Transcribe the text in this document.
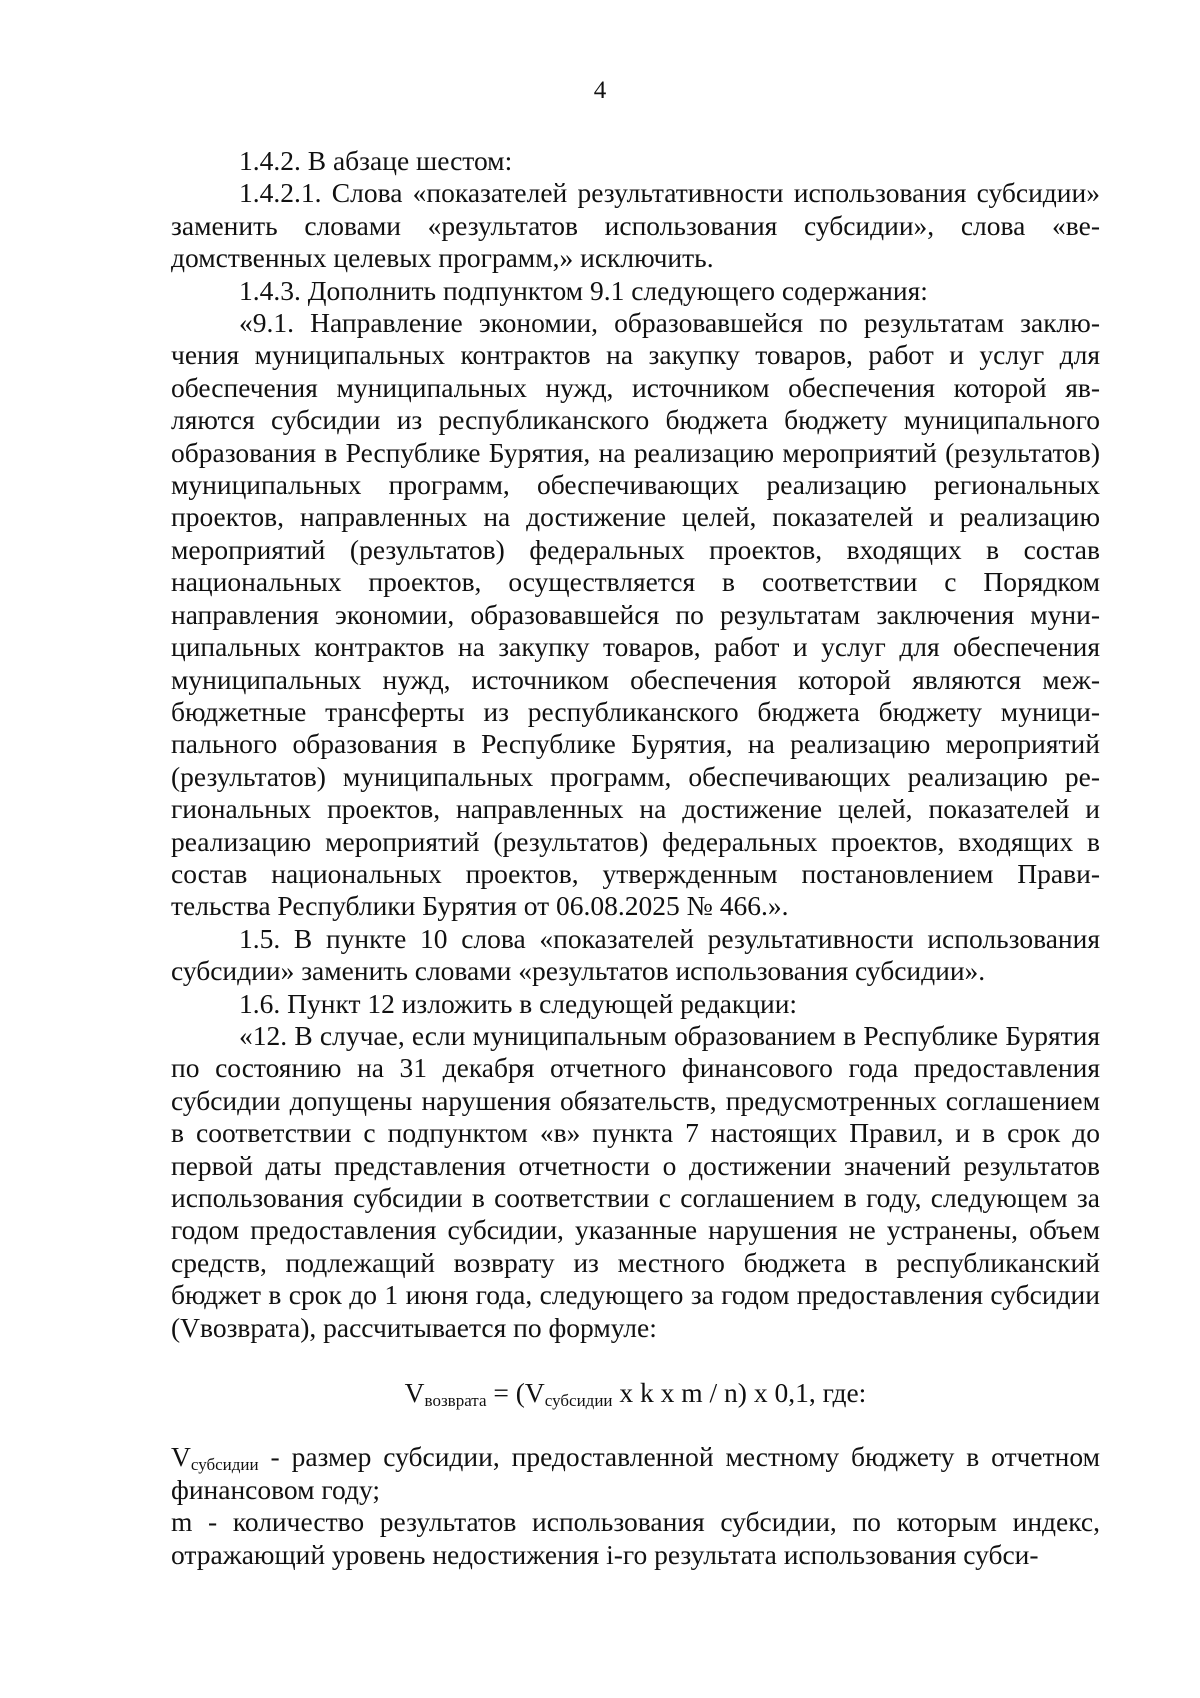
4

1.4.2. В абзаце шестом:

1.4.2.1. Слова «показателей результативности использования субсидии» заменить словами «результатов использования субсидии», слова «ведомственных целевых программ,» исключить.

1.4.3. Дополнить подпунктом 9.1 следующего содержания:

«9.1. Направление экономии, образовавшейся по результатам заключения муниципальных контрактов на закупку товаров, работ и услуг для обеспечения муниципальных нужд, источником обеспечения которой являются субсидии из республиканского бюджета бюджету муниципального образования в Республике Бурятия, на реализацию мероприятий (результатов) муниципальных программ, обеспечивающих реализацию региональных проектов, направленных на достижение целей, показателей и реализацию мероприятий (результатов) федеральных проектов, входящих в состав национальных проектов, осуществляется в соответствии с Порядком направления экономии, образовавшейся по результатам заключения муниципальных контрактов на закупку товаров, работ и услуг для обеспечения муниципальных нужд, источником обеспечения которой являются межбюджетные трансферты из республиканского бюджета бюджету муниципального образования в Республике Бурятия, на реализацию мероприятий (результатов) муниципальных программ, обеспечивающих реализацию региональных проектов, направленных на достижение целей, показателей и реализацию мероприятий (результатов) федеральных проектов, входящих в состав национальных проектов, утвержденным постановлением Правительства Республики Бурятия от 06.08.2025 № 466.».

1.5. В пункте 10 слова «показателей результативности использования субсидии» заменить словами «результатов использования субсидии».

1.6. Пункт 12 изложить в следующей редакции:

«12. В случае, если муниципальным образованием в Республике Бурятия по состоянию на 31 декабря отчетного финансового года предоставления субсидии допущены нарушения обязательств, предусмотренных соглашением в соответствии с подпунктом «в» пункта 7 настоящих Правил, и в срок до первой даты представления отчетности о достижении значений результатов использования субсидии в соответствии с соглашением в году, следующем за годом предоставления субсидии, указанные нарушения не устранены, объем средств, подлежащий возврату из местного бюджета в республиканский бюджет в срок до 1 июня года, следующего за годом предоставления субсидии (Vвозврата), рассчитывается по формуле:

$V_{возврата} = (V_{субсидии}$ x k x m / n) x 0,1, где:

$V_{субсидии}$ - размер субсидии, предоставленной местному бюджету в отчетном финансовом году;

m - количество результатов использования субсидии, по которым индекс, отражающий уровень недостижения i-го результата использования субси-
